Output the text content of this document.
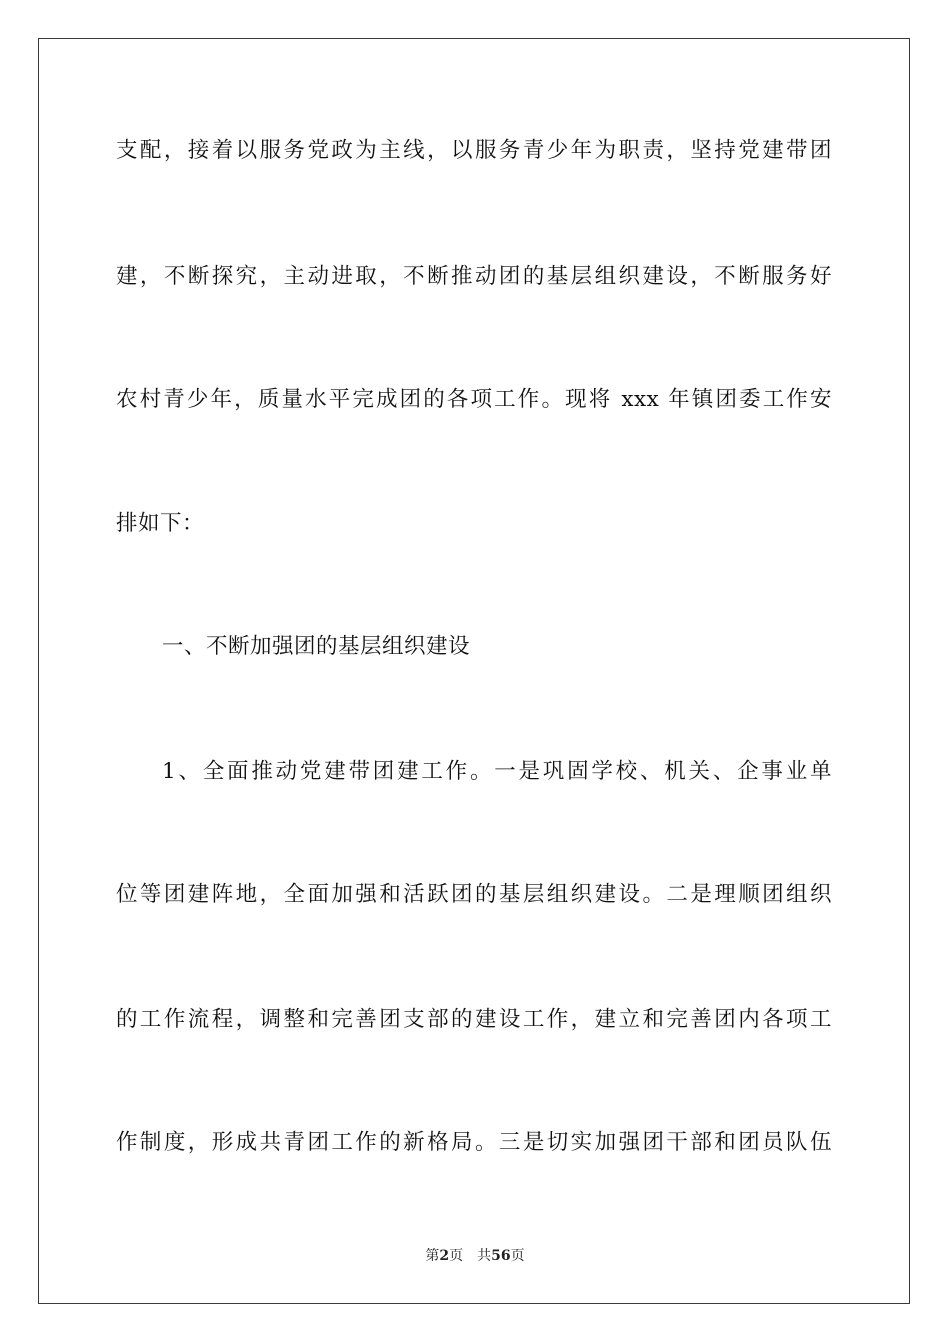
支配，接着以服务党政为主线，以服务青少年为职责，坚持党建带团
建，不断探究，主动进取，不断推动团的基层组织建设，不断服务好
农村青少年，质量水平完成团的各项工作。现将 xxx 年镇团委工作安
排如下：
一、不断加强团的基层组织建设
1、全面推动党建带团建工作。一是巩固学校、机关、企事业单
位等团建阵地，全面加强和活跃团的基层组织建设。二是理顺团组织
的工作流程，调整和完善团支部的建设工作，建立和完善团内各项工
作制度，形成共青团工作的新格局。三是切实加强团干部和团员队伍
第2页 共56页
